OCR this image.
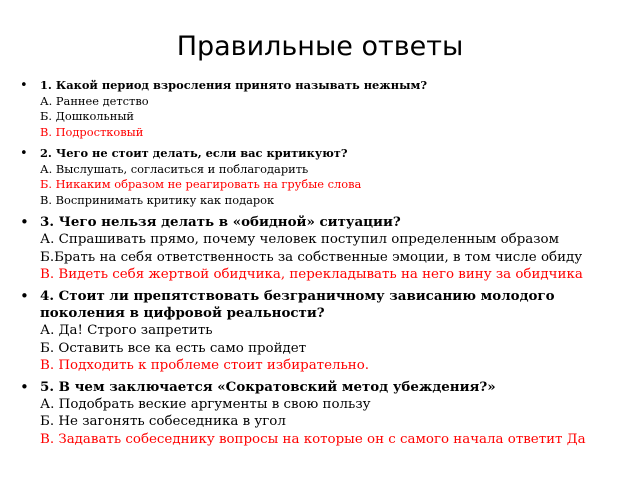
Правильные ответы
• 1. Какой период взросления принято называть нежным?
А. Раннее детство
Б. Дошкольный
В. Подростковый
• 2. Чего не стоит делать, если вас критикуют?
А. Выслушать, согласиться и поблагодарить
Б. Никаким образом не реагировать на грубые слова
В. Воспринимать критику как подарок
• 3. Чего нельзя делать в «обидной» ситуации?
А. Спрашивать прямо, почему человек поступил определенным образом
Б.Брать на себя ответственность за собственные эмоции, в том числе обиду
В. Видеть себя жертвой обидчика, перекладывать на него вину за обидчика
• 4. Стоит ли препятствовать безграничному зависанию молодого поколения в цифровой реальности?
А. Да! Строго запретить
Б. Оставить все ка есть само пройдет
В. Подходить к проблеме стоит избирательно.
• 5. В чем заключается «Сократовский метод убеждения?»
А. Подобрать веские аргументы в свою пользу
Б. Не загонять собеседника в угол
В. Задавать собеседнику вопросы на которые он с самого начала ответит Да
